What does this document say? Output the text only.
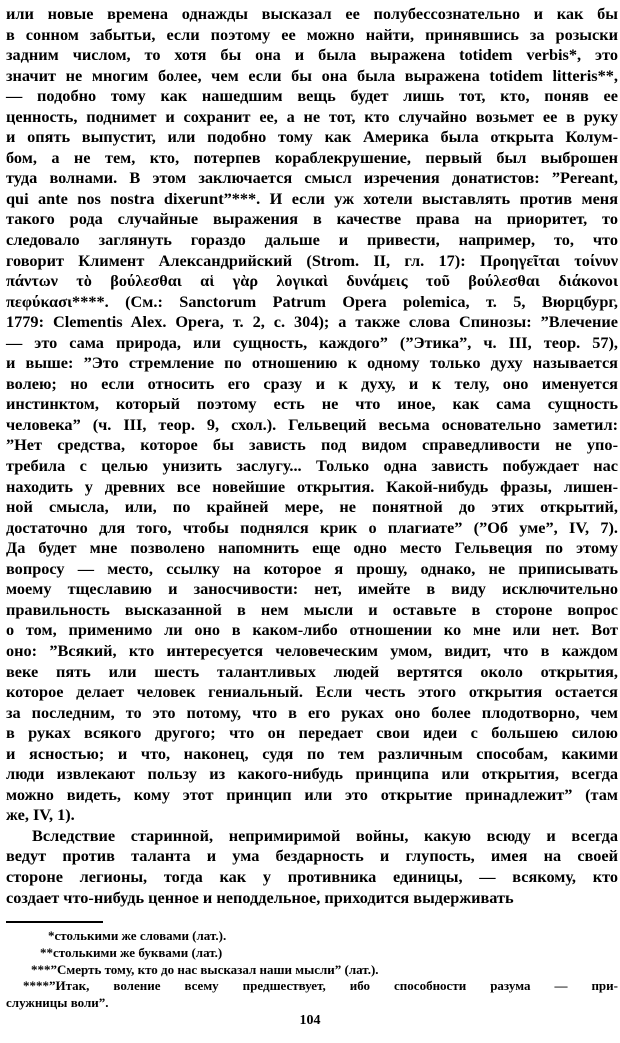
или новые времена однажды высказал ее полубессознательно и как бы
в сонном забытьи, если поэтому ее можно найти, принявшись за розыски
задним числом, то хотя бы она и была выражена totidem verbis*, это
значит не многим более, чем если бы она была выражена totidem litteris**,
— подобно тому как нашедшим вещь будет лишь тот, кто, поняв ее
ценность, поднимет и сохранит ее, а не тот, кто случайно возьмет ее в руку
и опять выпустит, или подобно тому как Америка была открыта Колум-
бом, а не тем, кто, потерпев кораблекрушение, первый был выброшен
туда волнами. В этом заключается смысл изречения донатистов: ”Pereant,
qui ante nos nostra dixerunt”***. И если уж хотели выставлять против меня
такого рода случайные выражения в качестве права на приоритет, то
следовало заглянуть гораздо дальше и привести, например, то, что
говорит Климент Александрийский (Strom. II, гл. 17): Προηγεῖται τοίνυν
πάντων τὸ βούλεσθαι αἱ γὰρ λογικαὶ δυνάμεις τοῦ βούλεσθαι διάκονοι
πεφύκασι****. (См.: Sanctorum Patrum Opera polemica, т. 5, Вюрцбург,
1779: Clementis Alex. Opera, т. 2, с. 304); а также слова Спинозы: ”Влечение
— это сама природа, или сущность, каждого” (”Этика”, ч. III, теор. 57),
и выше: ”Это стремление по отношению к одному только духу называется
волею; но если относить его сразу и к духу, и к телу, оно именуется
инстинктом, который поэтому есть не что иное, как сама сущность
человека” (ч. III, теор. 9, схол.). Гельвеций весьма основательно заметил:
”Нет средства, которое бы зависть под видом справедливости не упо-
требила с целью унизить заслугу... Только одна зависть побуждает нас
находить у древних все новейшие открытия. Какой-нибудь фразы, лишен-
ной смысла, или, по крайней мере, не понятной до этих открытий,
достаточно для того, чтобы поднялся крик о плагиате” (”Об уме”, IV, 7).
Да будет мне позволено напомнить еще одно место Гельвеция по этому
вопросу — место, ссылку на которое я прошу, однако, не приписывать
моему тщеславию и заносчивости: нет, имейте в виду исключительно
правильность высказанной в нем мысли и оставьте в стороне вопрос
о том, применимо ли оно в каком-либо отношении ко мне или нет. Вот
оно: ”Всякий, кто интересуется человеческим умом, видит, что в каждом
веке пять или шесть талантливых людей вертятся около открытия,
которое делает человек гениальный. Если честь этого открытия остается
за последним, то это потому, что в его руках оно более плодотворно, чем
в руках всякого другого; что он передает свои идеи с большею силою
и ясностью; и что, наконец, судя по тем различным способам, какими
люди извлекают пользу из какого-нибудь принципа или открытия, всегда
можно видеть, кому этот принцип или это открытие принадлежит” (там
же, IV, 1).
Вследствие старинной, непримиримой войны, какую всюду и всегда
ведут против таланта и ума бездарность и глупость, имея на своей
стороне легионы, тогда как у противника единицы, — всякому, кто
создает что-нибудь ценное и неподдельное, приходится выдерживать
*столькими же словами (лат.).
**столькими же буквами (лат.)
***”Смерть тому, кто до нас высказал наши мысли” (лат.).
****”Итак, воление всему предшествует, ибо способности разума — при-
служницы воли”.
104
